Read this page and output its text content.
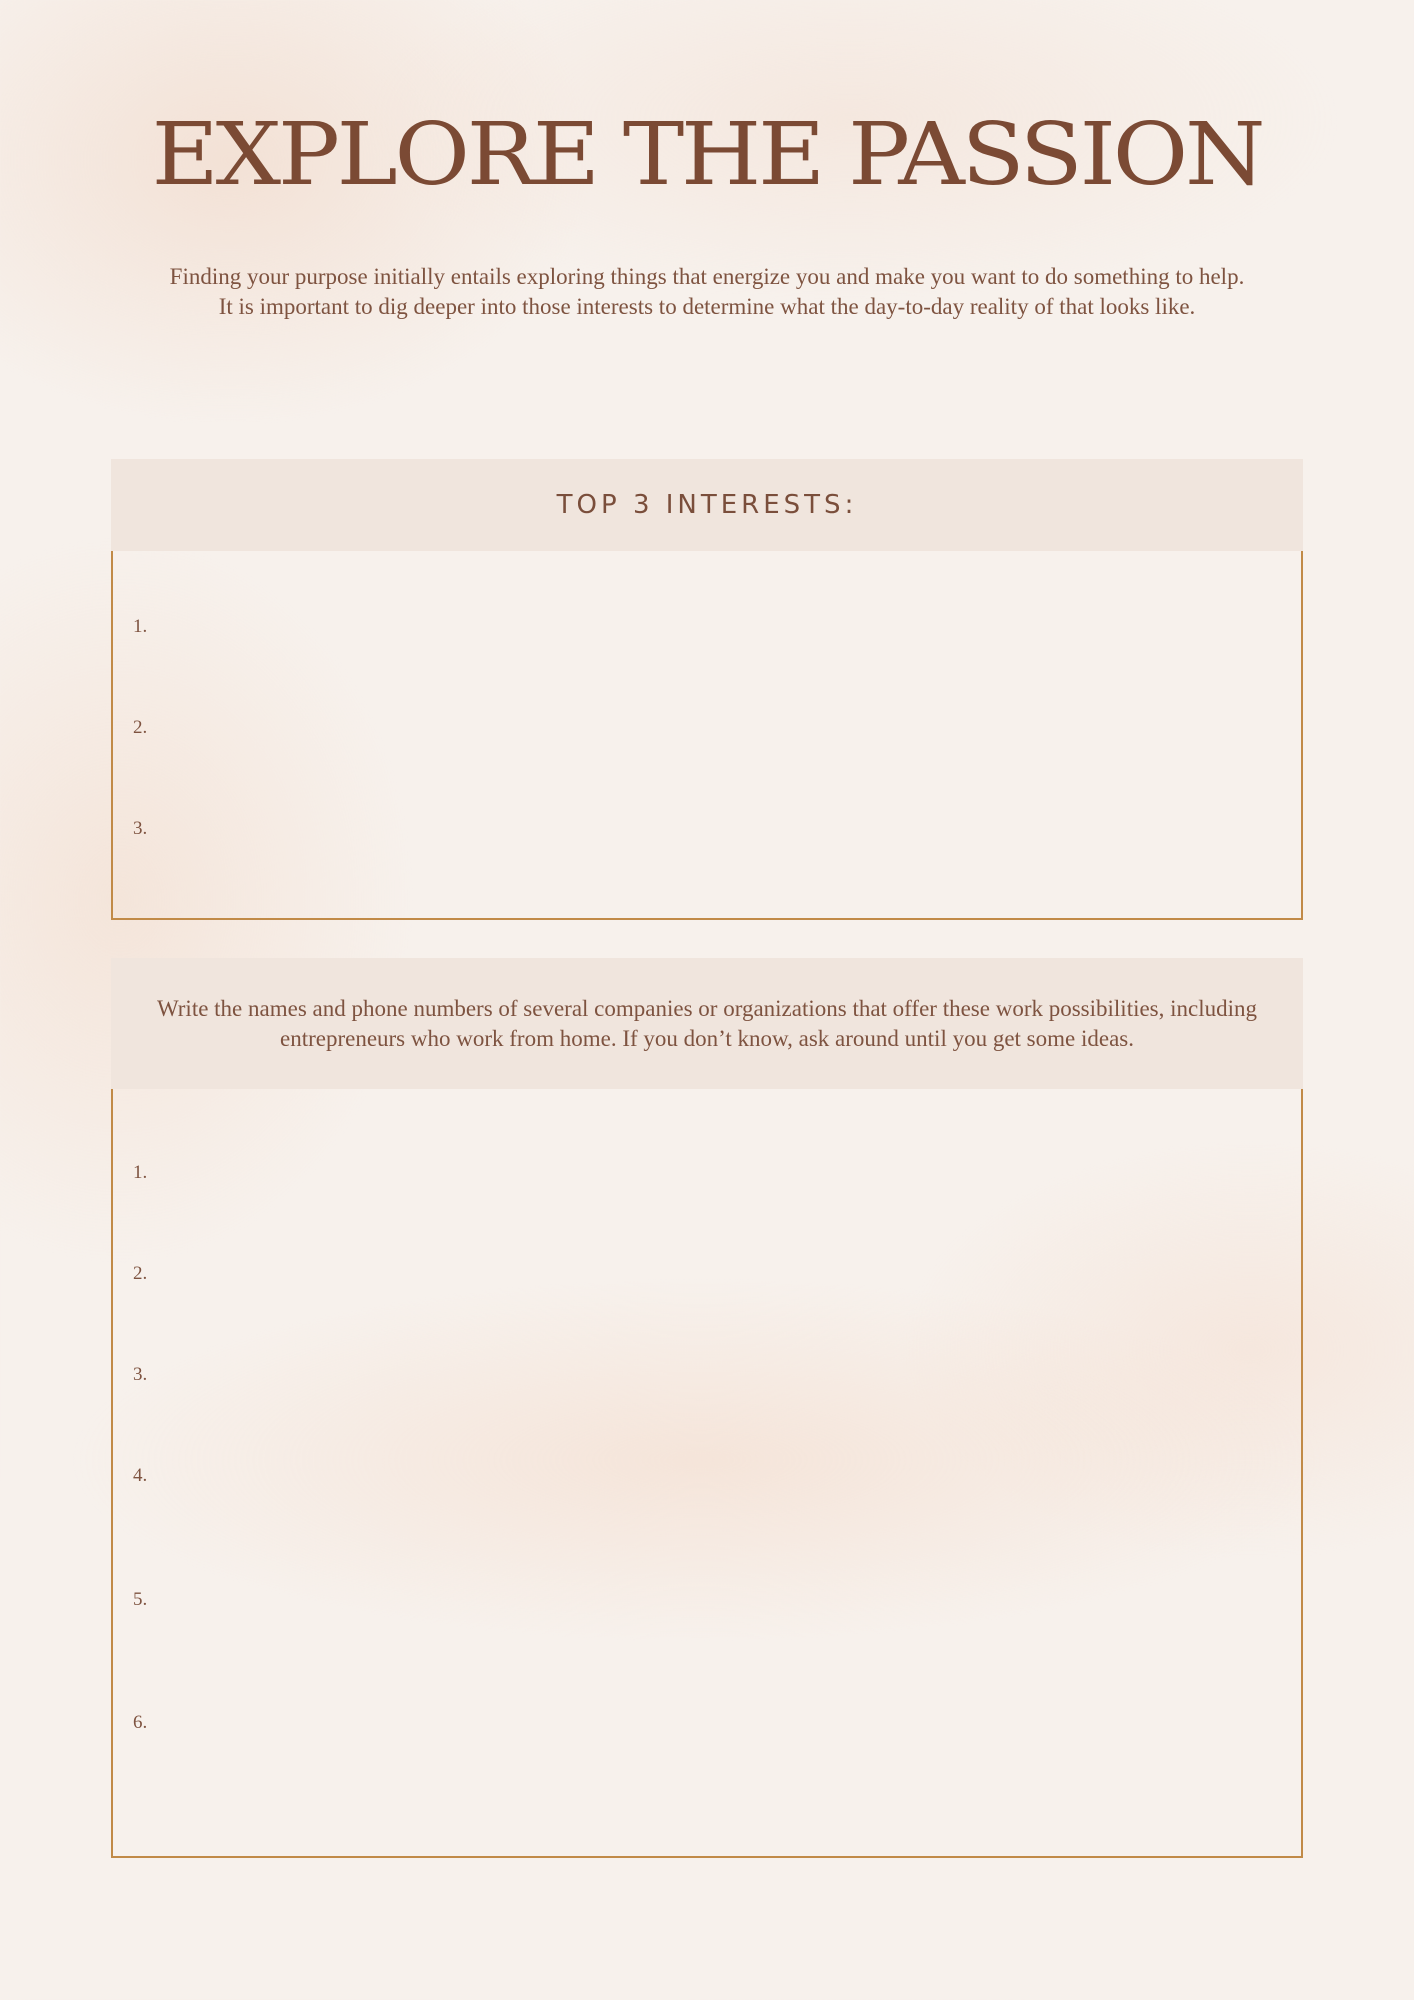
EXPLORE THE PASSION

Finding your purpose initially entails exploring things that energize you and make you want to do something to help.

It is important to dig deeper into those interests to determine what the day-to-day reality of that looks like.

TOP 3 INTERESTS:

1.

2.

3.

Write the names and phone numbers of several companies or organizations that offer these work possibilities, including entrepreneurs who work from home. If you don’t know, ask around until you get some ideas.

1.

2.

3.

4.

5.

6.
